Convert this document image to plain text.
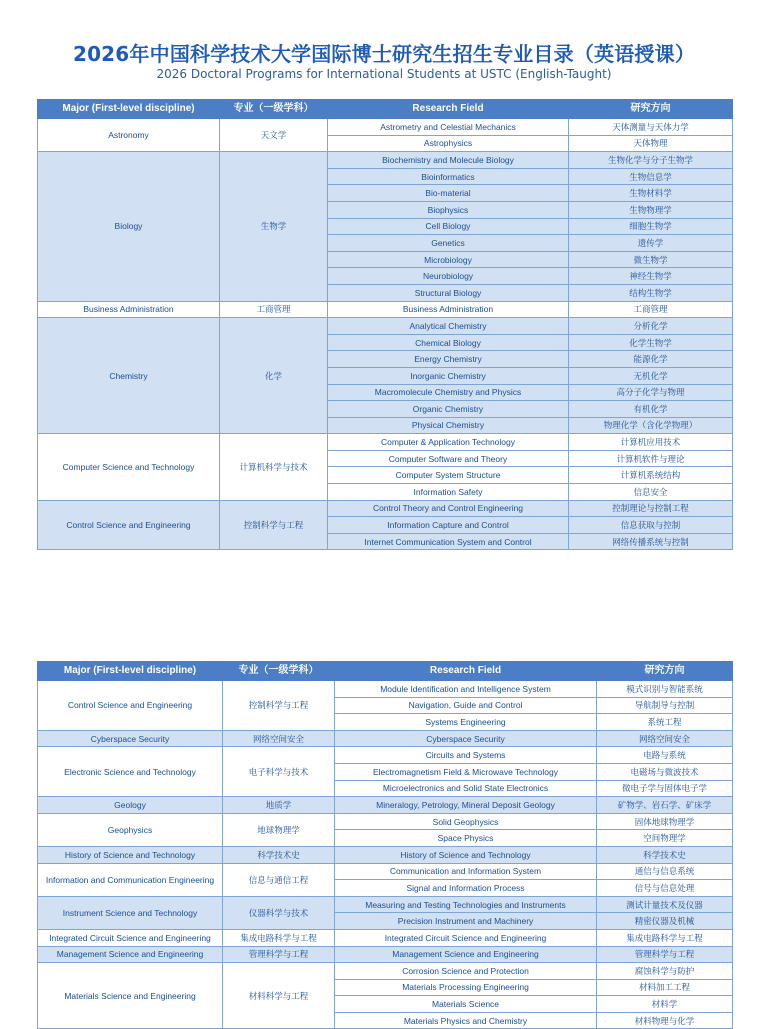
2026年中国科学技术大学国际博士研究生招生专业目录（英语授课）
2026 Doctoral Programs for International Students at USTC (English-Taught)
Major (First-level discipline)	专业（一级学科）	Research Field	研究方向
Astronomy	天文学	Astrometry and Celestial Mechanics	天体测量与天体力学
		Astrophysics	天体物理
Biology	生物学	Biochemistry and Molecule Biology	生物化学与分子生物学
		Bioinformatics	生物信息学
		Bio-material	生物材料学
		Biophysics	生物物理学
		Cell Biology	细胞生物学
		Genetics	遗传学
		Microbiology	微生物学
		Neurobiology	神经生物学
		Structural Biology	结构生物学
Business Administration	工商管理	Business Administration	工商管理
Chemistry	化学	Analytical Chemistry	分析化学
		Chemical Biology	化学生物学
		Energy Chemistry	能源化学
		Inorganic Chemistry	无机化学
		Macromolecule Chemistry and Physics	高分子化学与物理
		Organic Chemistry	有机化学
		Physical Chemistry	物理化学（含化学物理）
Computer Science and Technology	计算机科学与技术	Computer & Application Technology	计算机应用技术
		Computer Software and Theory	计算机软件与理论
		Computer System Structure	计算机系统结构
		Information Safety	信息安全
Control Science and Engineering	控制科学与工程	Control Theory and Control Engineering	控制理论与控制工程
		Information Capture and Control	信息获取与控制
		Internet Communication System and Control	网络传播系统与控制
Major (First-level discipline)	专业（一级学科）	Research Field	研究方向
Control Science and Engineering	控制科学与工程	Module Identification and Intelligence System	模式识别与智能系统
		Navigation, Guide and Control	导航制导与控制
		Systems Engineering	系统工程
Cyberspace Security	网络空间安全	Cyberspace Security	网络空间安全
Electronic Science and Technology	电子科学与技术	Circuits and Systems	电路与系统
		Electromagnetism Field & Microwave Technology	电磁场与微波技术
		Microelectronics and Solid State Electronics	微电子学与固体电子学
Geology	地质学	Mineralogy, Petrology, Mineral Deposit Geology	矿物学、岩石学、矿床学
Geophysics	地球物理学	Solid Geophysics	固体地球物理学
		Space Physics	空间物理学
History of Science and Technology	科学技术史	History of Science and Technology	科学技术史
Information and Communication Engineering	信息与通信工程	Communication and Information System	通信与信息系统
		Signal and Information Process	信号与信息处理
Instrument Science and Technology	仪器科学与技术	Measuring and Testing Technologies and Instruments	测试计量技术及仪器
		Precision Instrument and Machinery	精密仪器及机械
Integrated Circuit Science and Engineering	集成电路科学与工程	Integrated Circuit Science and Engineering	集成电路科学与工程
Management Science and Engineering	管理科学与工程	Management Science and Engineering	管理科学与工程
Materials Science and Engineering	材料科学与工程	Corrosion Science and Protection	腐蚀科学与防护
		Materials Processing Engineering	材料加工工程
		Materials Science	材料学
		Materials Physics and Chemistry	材料物理与化学
